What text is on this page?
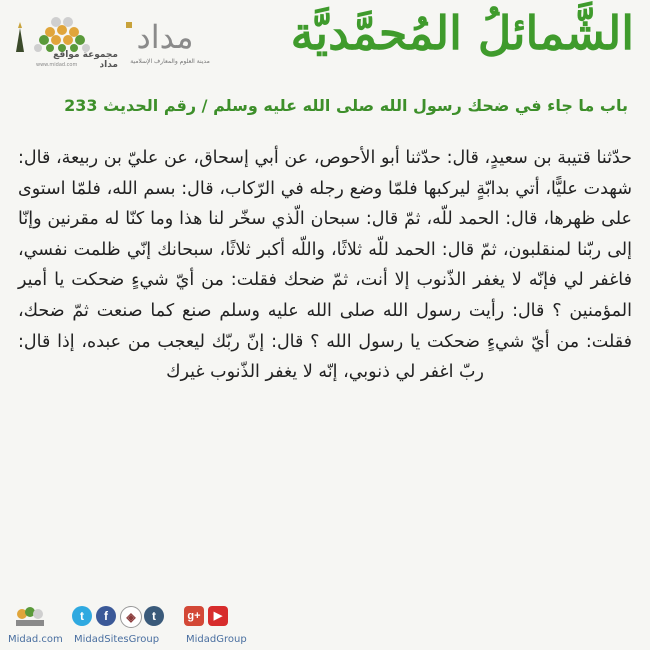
مجموعة مواقع مداد
www.midad.com
مداد
مدينة العلوم والمعارف الإسلامية
الشَّمائلُ المُحمَّديَّة
باب ما جاء في ضحك رسول الله صلى الله عليه وسلم / رقم الحديث 233
حدّثنا قتيبة بن سعيدٍ، قال: حدّثنا أبو الأحوص، عن أبي إسحاق، عن عليّ بن ربيعة، قال: شهدت عليًّا، أتي بدابّةٍ ليركبها فلمّا وضع رجله في الرّكاب، قال: بسم الله، فلمّا استوى على ظهرها، قال: الحمد للّه، ثمّ قال: سبحان الّذي سخّر لنا هذا وما كنّا له مقرنين وإنّا إلى ربّنا لمنقلبون، ثمّ قال: الحمد للّه ثلاثًا، واللّه أكبر ثلاثًا، سبحانك إنّي ظلمت نفسي، فاغفر لي فإنّه لا يغفر الذّنوب إلا أنت، ثمّ ضحك فقلت: من أيّ شيءٍ ضحكت يا أمير المؤمنين ؟ قال: رأيت رسول الله صلى الله عليه وسلم صنع كما صنعت ثمّ ضحك، فقلت: من أيّ شيءٍ ضحكت يا رسول الله ؟ قال: إنّ ربّك ليعجب من عبده، إذا قال: ربّ اغفر لي ذنوبي، إنّه لا يغفر الذّنوب غيرك
Midad.com
t	f	◈	t
MidadSitesGroup
g+	▶
MidadGroup
